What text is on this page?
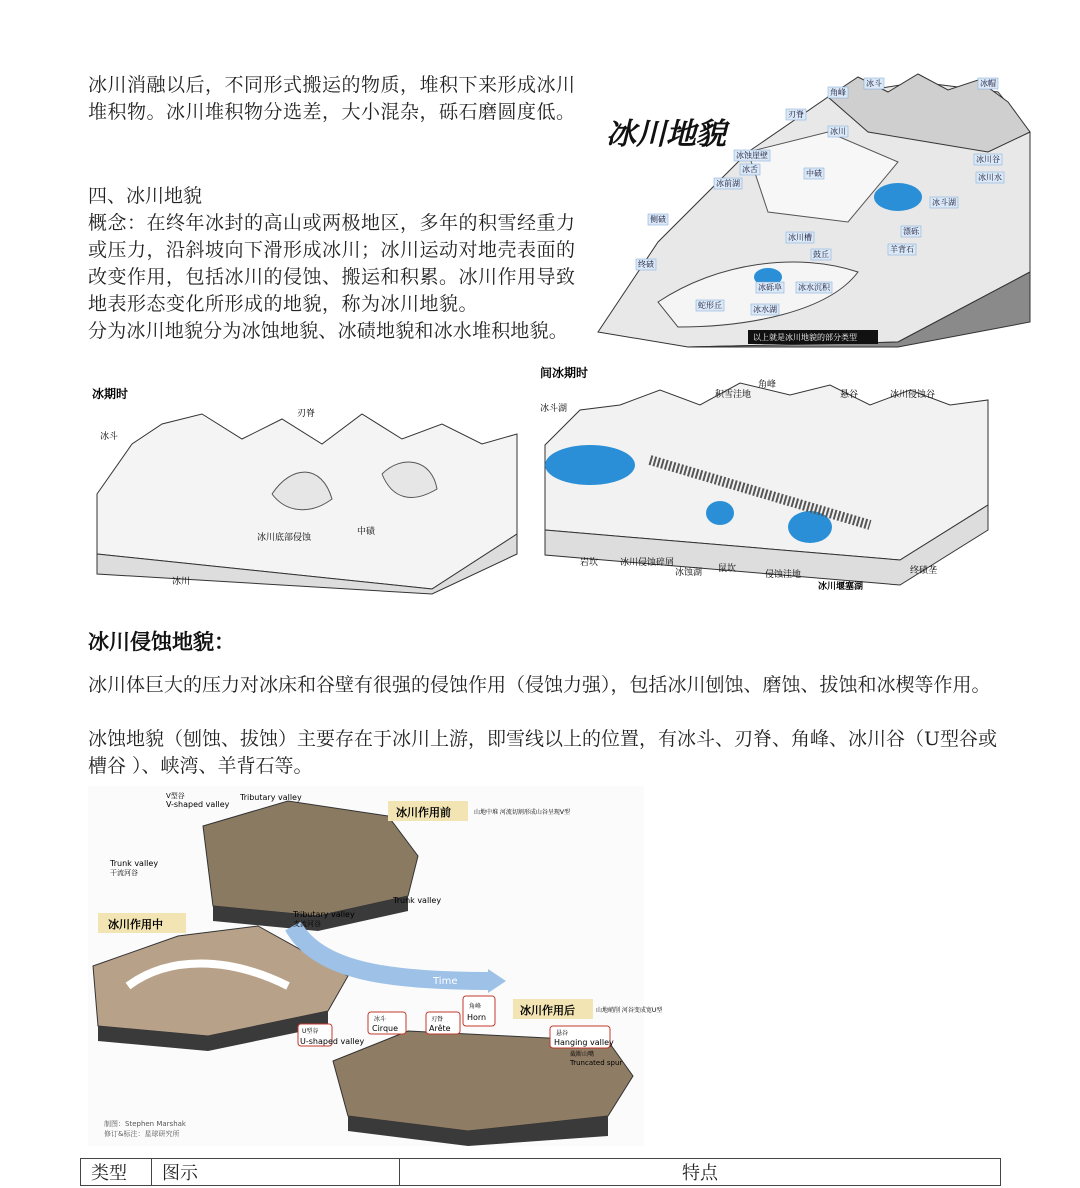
冰川消融以后，不同形式搬运的物质，堆积下来形成冰川堆积物。冰川堆积物分选差，大小混杂，砾石磨圆度低。
四、冰川地貌
概念：在终年冰封的高山或两极地区，多年的积雪经重力或压力，沿斜坡向下滑形成冰川；冰川运动对地壳表面的改变作用，包括冰川的侵蚀、搬运和积累。冰川作用导致地表形态变化所形成的地貌，称为冰川地貌。
分为冰川地貌分为冰蚀地貌、冰碛地貌和冰水堆积地貌。
冰川地貌
角峰
冰斗
刃脊
冰帽
冰川
冰蚀崖壁
冰舌
冰前湖
中碛
冰川谷
冰川水
侧碛
冰斗湖
冰川槽
漂砾
羊背石
终碛
冰砾阜
鼓丘
蛇形丘	冰水湖
冰水沉积
以上就是冰川地貌的部分类型
冰期时
冰斗
刃脊
冰川底部侵蚀
中碛
冰川
间冰期时
角峰
积雪洼地	悬谷	冰川侵蚀谷
冰斗湖
岩坎 冰川侵蚀碎屑
冰蚀湖 鼠坎
侵蚀洼地
冰川堰塞湖
终碛垄
冰川侵蚀地貌：
冰川体巨大的压力对冰床和谷壁有很强的侵蚀作用（侵蚀力强），包括冰川刨蚀、磨蚀、拔蚀和冰楔等作用。
冰蚀地貌（刨蚀、拔蚀）主要存在于冰川上游，即雪线以上的位置，有冰斗、刃脊、角峰、冰川谷（U型谷或槽谷 ）、峡湾、羊背石等。
Time
V型谷
V-shaped valley
Tributary valley
Trunk valley
干流河谷
Trunk valley
Tributary valley
支流河谷
冰川作用前	山地中堆 河流切割形成山谷呈现V型
冰川作用中
冰川作用后	山地峭削 河谷变成宽U型
U型谷
U-shaped valley
冰斗
Cirque
刃脊
Arête
角峰
Horn
悬谷
Hanging valley
截断山嘴
Truncated spur
制图：Stephen Marshak
修订&标注：星球研究所
类型	图示	特点
